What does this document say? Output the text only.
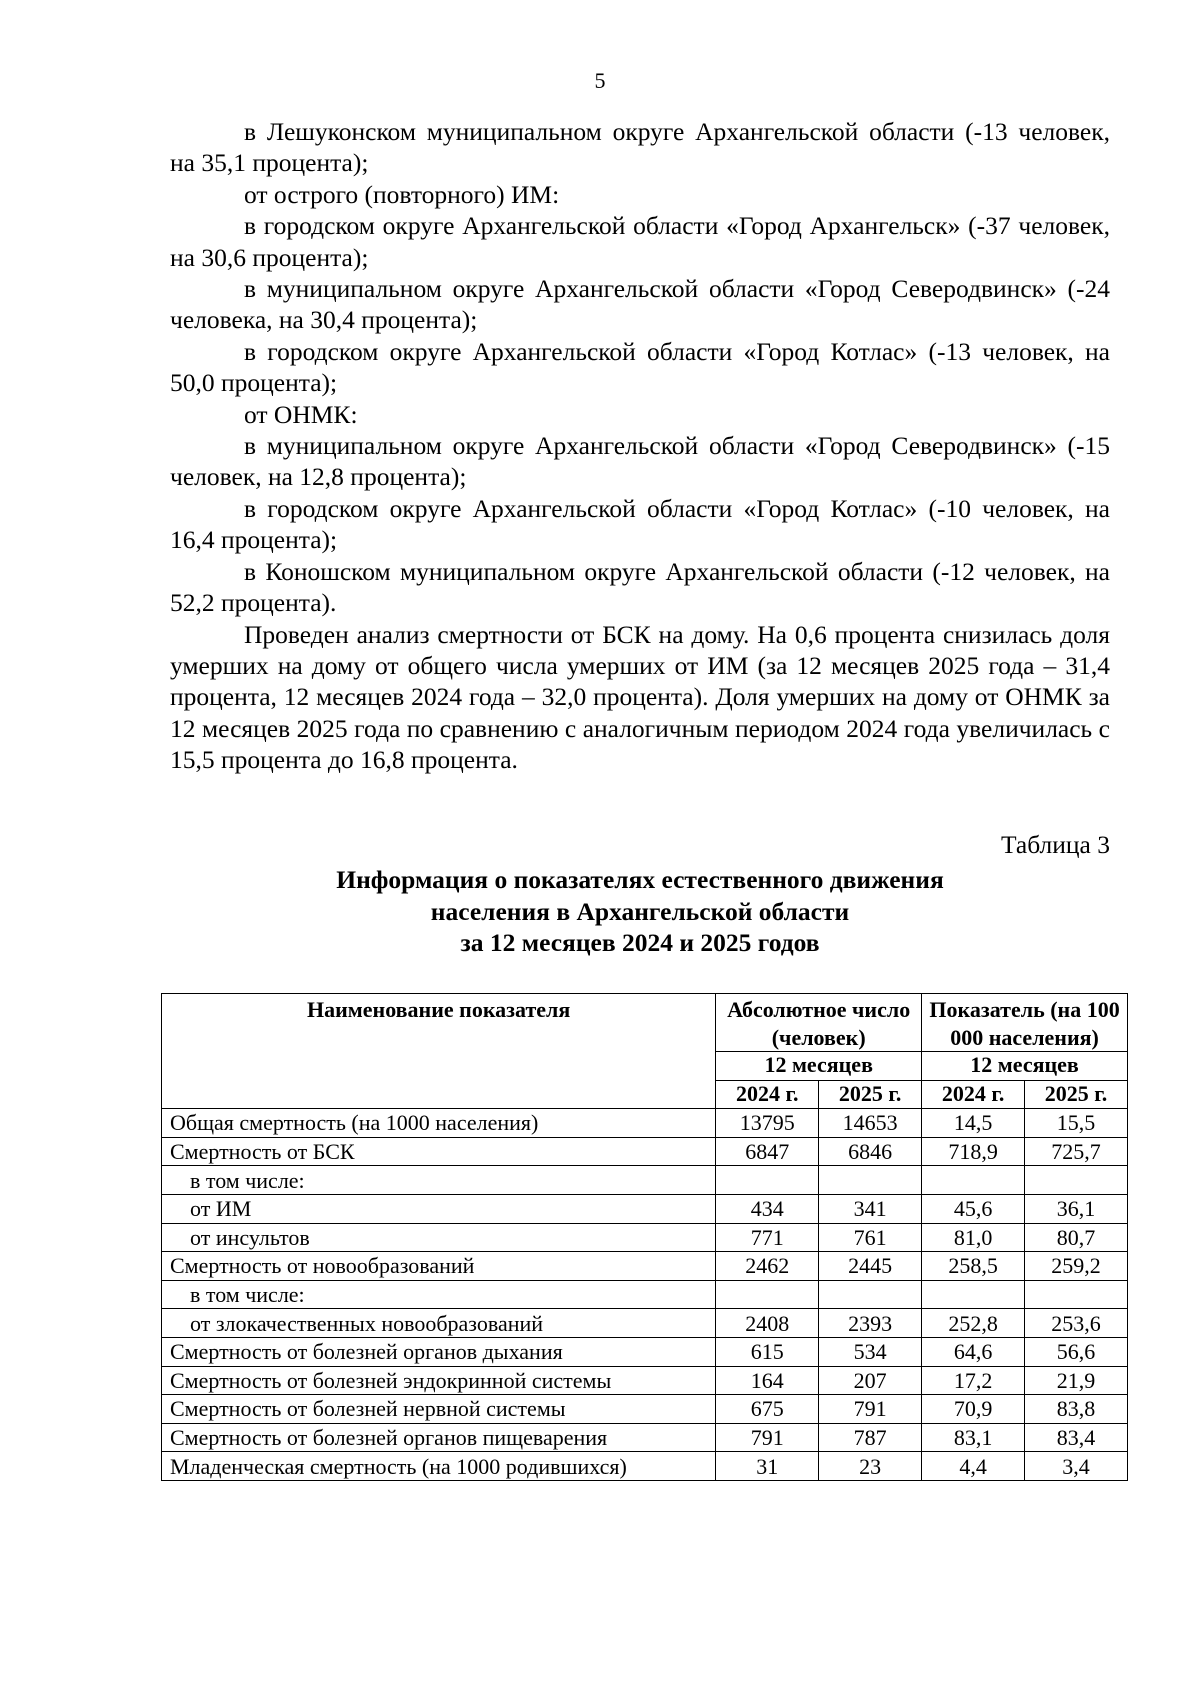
5

в Лешуконском муниципальном округе Архангельской области (-13 человек, на 35,1 процента);

от острого (повторного) ИМ:

в городском округе Архангельской области «Город Архангельск» (-37 человек, на 30,6 процента);

в муниципальном округе Архангельской области «Город Северодвинск» (-24 человека, на 30,4 процента);

в городском округе Архангельской области «Город Котлас» (-13 человек, на 50,0 процента);

от ОНМК:

в муниципальном округе Архангельской области «Город Северодвинск» (-15 человек, на 12,8 процента);

в городском округе Архангельской области «Город Котлас» (-10 человек, на 16,4 процента);

в Коношском муниципальном округе Архангельской области (-12 человек, на 52,2 процента).

Проведен анализ смертности от БСК на дому. На 0,6 процента снизилась доля умерших на дому от общего числа умерших от ИМ (за 12 месяцев 2025 года – 31,4 процента, 12 месяцев 2024 года – 32,0 процента). Доля умерших на дому от ОНМК за 12 месяцев 2025 года по сравнению с аналогичным периодом 2024 года увеличилась с 15,5 процента до 16,8 процента.

Таблица 3
Информация о показателях естественного движения
населения в Архангельской области
за 12 месяцев 2024 и 2025 годов
Наименование показателя	Абсолютное число (человек)		Показатель (на 100 000 населения)	
	12 месяцев		12 месяцев	
	2024 г.	2025 г.	2024 г.	2025 г.
Общая смертность (на 1000 населения)	13795	14653	14,5	15,5
Смертность от БСК	6847	6846	718,9	725,7
в том числе:				
от ИМ	434	341	45,6	36,1
от инсультов	771	761	81,0	80,7
Смертность от новообразований	2462	2445	258,5	259,2
в том числе:				
от злокачественных новообразований	2408	2393	252,8	253,6
Смертность от болезней органов дыхания	615	534	64,6	56,6
Смертность от болезней эндокринной системы	164	207	17,2	21,9
Смертность от болезней нервной системы	675	791	70,9	83,8
Смертность от болезней органов пищеварения	791	787	83,1	83,4
Младенческая смертность (на 1000 родившихся)	31	23	4,4	3,4
